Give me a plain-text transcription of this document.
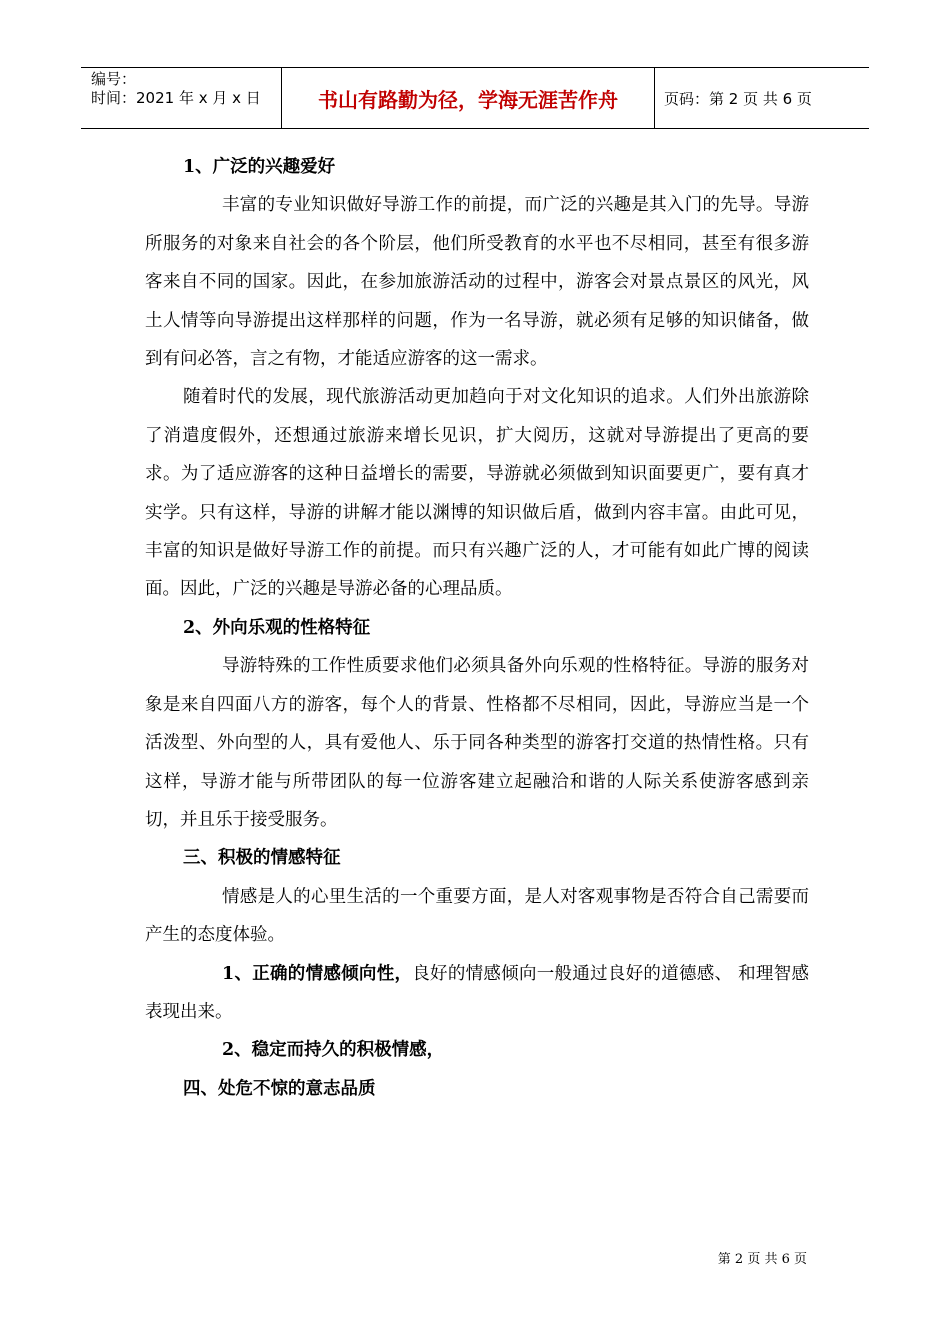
编号：
时间：2021 年 x 月 x 日	书山有路勤为径，学海无涯苦作舟	页码：第 2 页 共 6 页

1、广泛的兴趣爱好

丰富的专业知识做好导游工作的前提，而广泛的兴趣是其入门的先导。导游所服务的对象来自社会的各个阶层，他们所受教育的水平也不尽相同，甚至有很多游客来自不同的国家。因此，在参加旅游活动的过程中，游客会对景点景区的风光，风土人情等向导游提出这样那样的问题，作为一名导游，就必须有足够的知识储备，做到有问必答，言之有物，才能适应游客的这一需求。

随着时代的发展，现代旅游活动更加趋向于对文化知识的追求。人们外出旅游除了消遣度假外，还想通过旅游来增长见识，扩大阅历，这就对导游提出了更高的要求。为了适应游客的这种日益增长的需要，导游就必须做到知识面要更广，要有真才实学。只有这样，导游的讲解才能以渊博的知识做后盾，做到内容丰富。由此可见，丰富的知识是做好导游工作的前提。而只有兴趣广泛的人，才可能有如此广博的阅读面。因此，广泛的兴趣是导游必备的心理品质。

2、外向乐观的性格特征

导游特殊的工作性质要求他们必须具备外向乐观的性格特征。导游的服务对象是来自四面八方的游客，每个人的背景、性格都不尽相同，因此，导游应当是一个活泼型、外向型的人，具有爱他人、乐于同各种类型的游客打交道的热情性格。只有这样，导游才能与所带团队的每一位游客建立起融洽和谐的人际关系使游客感到亲切，并且乐于接受服务。

三、积极的情感特征

情感是人的心里生活的一个重要方面，是人对客观事物是否符合自己需要而产生的态度体验。

1、正确的情感倾向性，良好的情感倾向一般通过良好的道德感、 和理智感表现出来。

2、稳定而持久的积极情感，

四、处危不惊的意志品质

第 2 页 共 6 页
